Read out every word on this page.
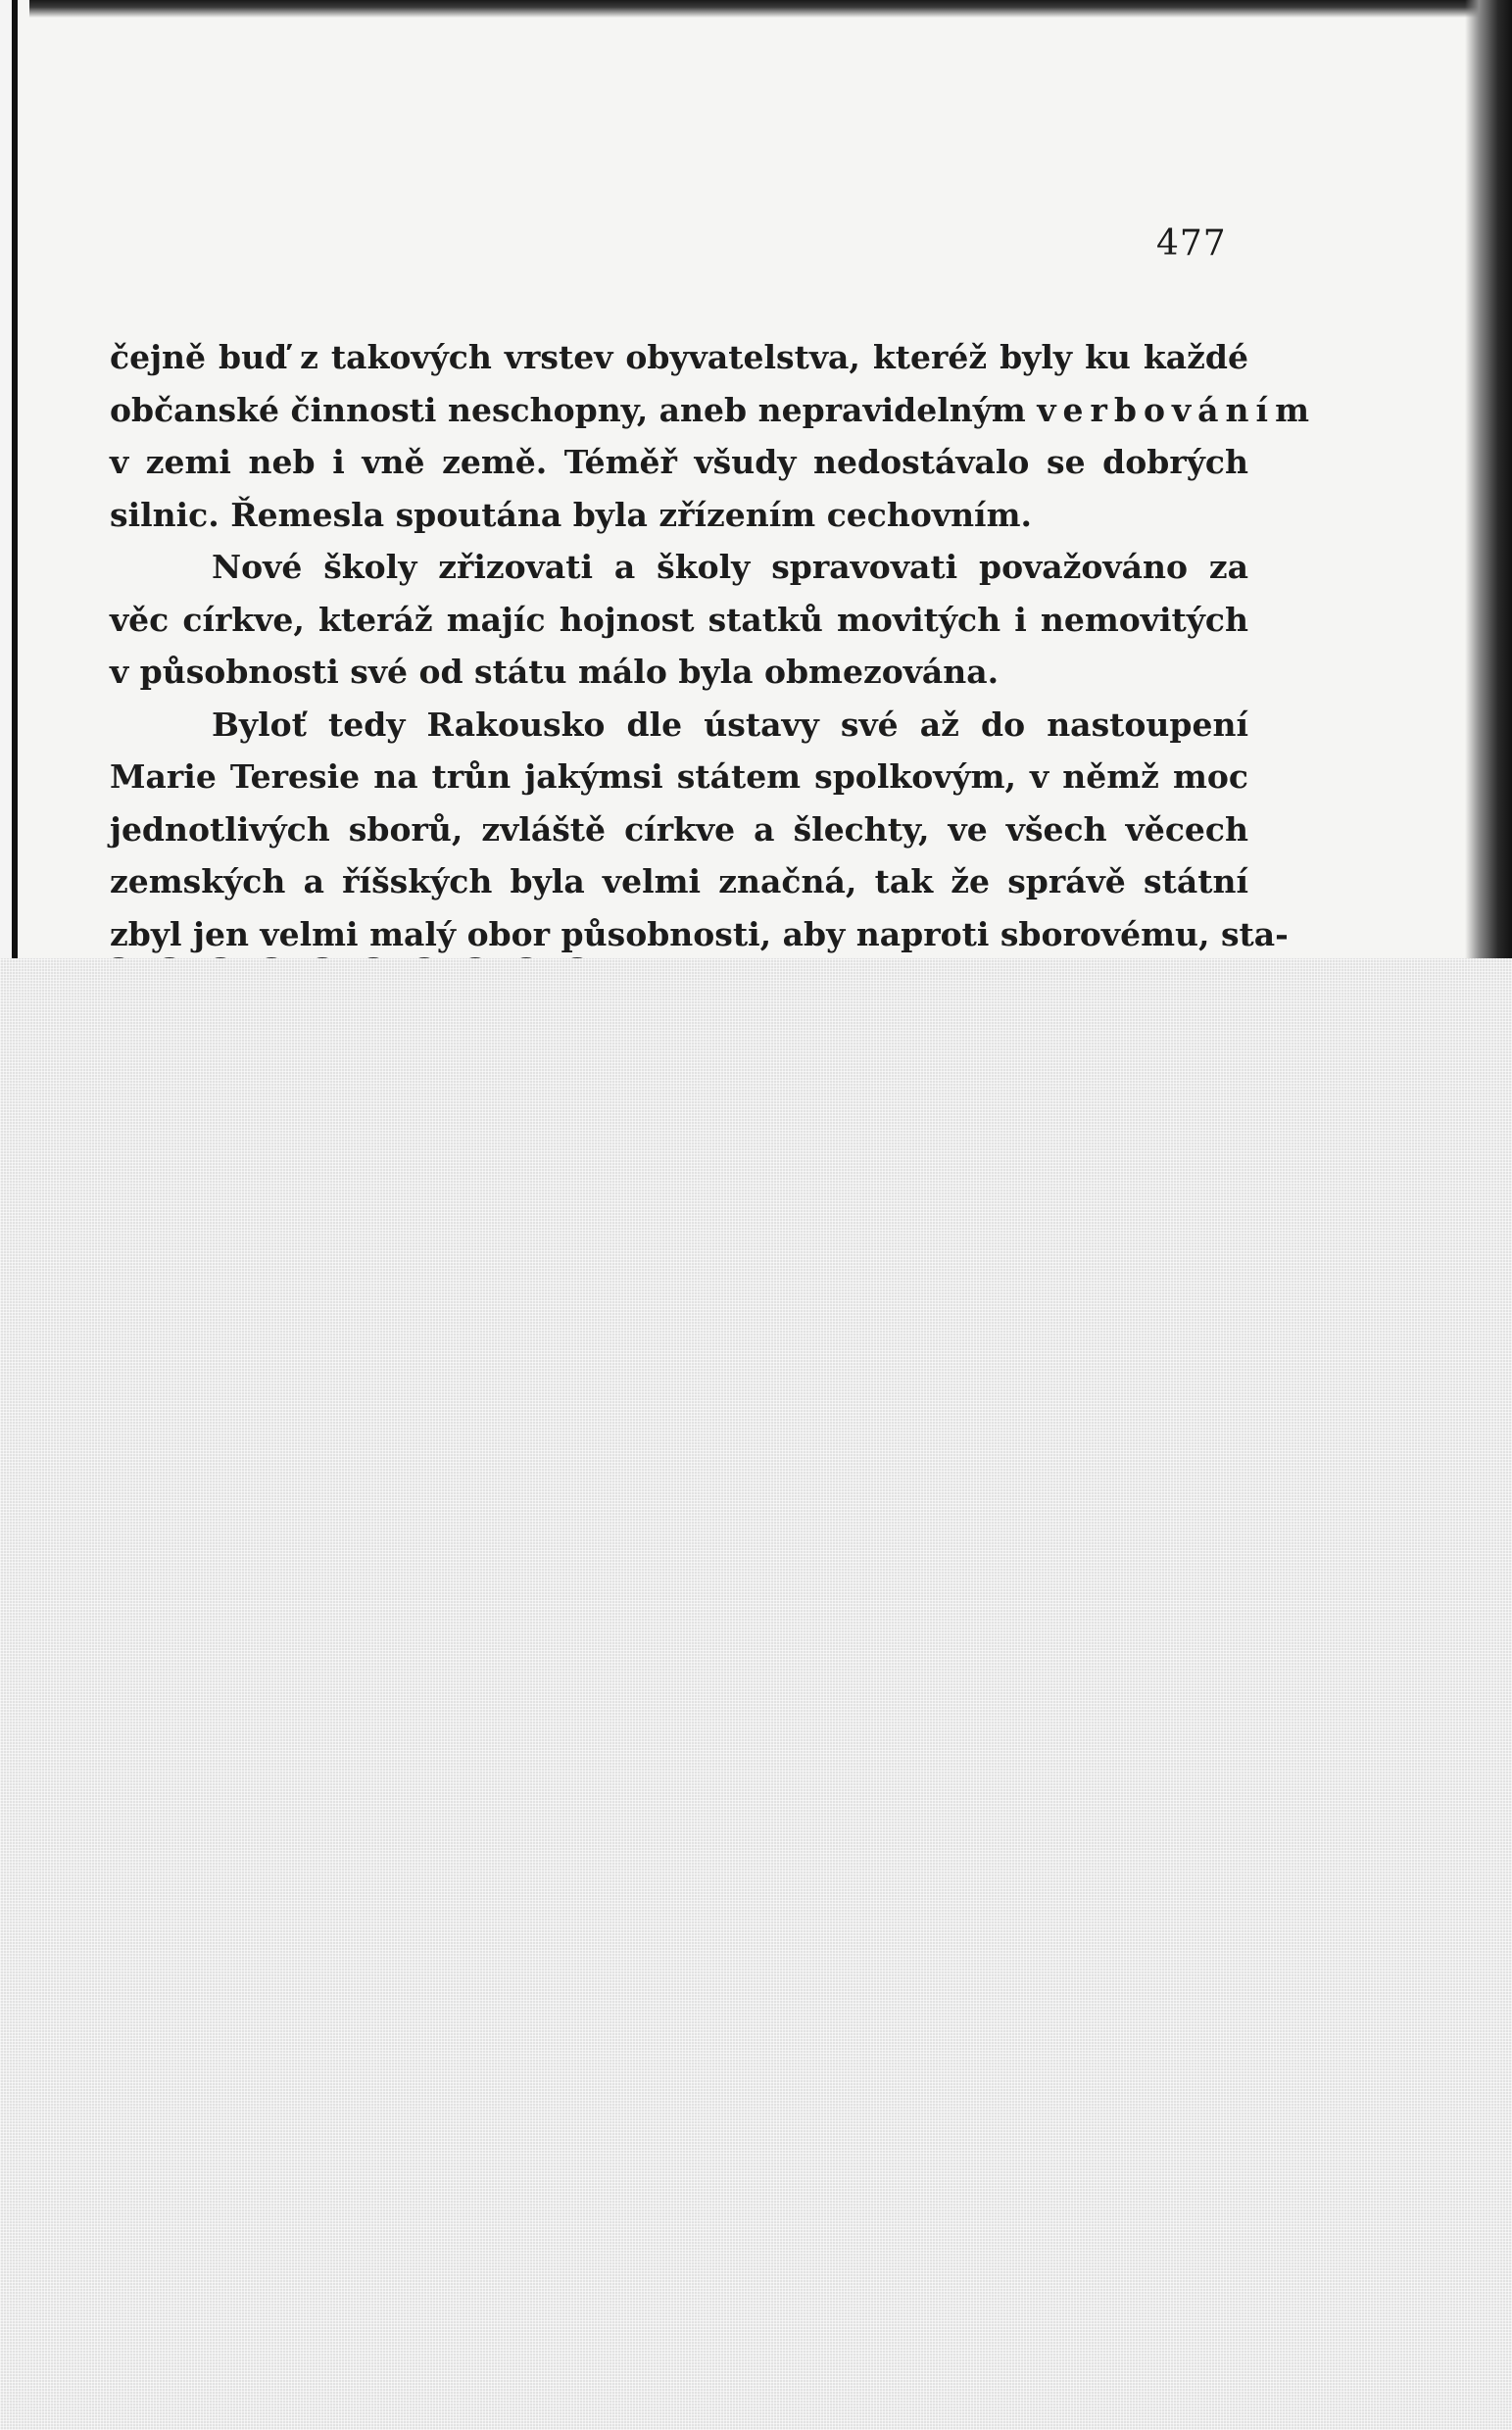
477
čejně buď z takových vrstev obyvatelstva, kteréž byly ku každé
občanské činnosti neschopny, aneb nepravidelným verbováním
v zemi neb i vně země. Téměř všudy nedostávalo se dobrých
silnic. Řemesla spoutána byla zřízením cechovním.
Nové školy zřizovati a školy spravovati považováno za
věc církve, kteráž majíc hojnost statků movitých i nemovitých
v působnosti své od státu málo byla obmezována.
Byloť tedy Rakousko dle ústavy své až do nastoupení
Marie Teresie na trůn jakýmsi státem spolkovým, v němž moc
jednotlivých sborů, zvláště církve a šlechty, ve všech věcech
zemských a říšských byla velmi značná, tak že správě státní
zbyl jen velmi malý obor působnosti, aby naproti sborovému, sta-
